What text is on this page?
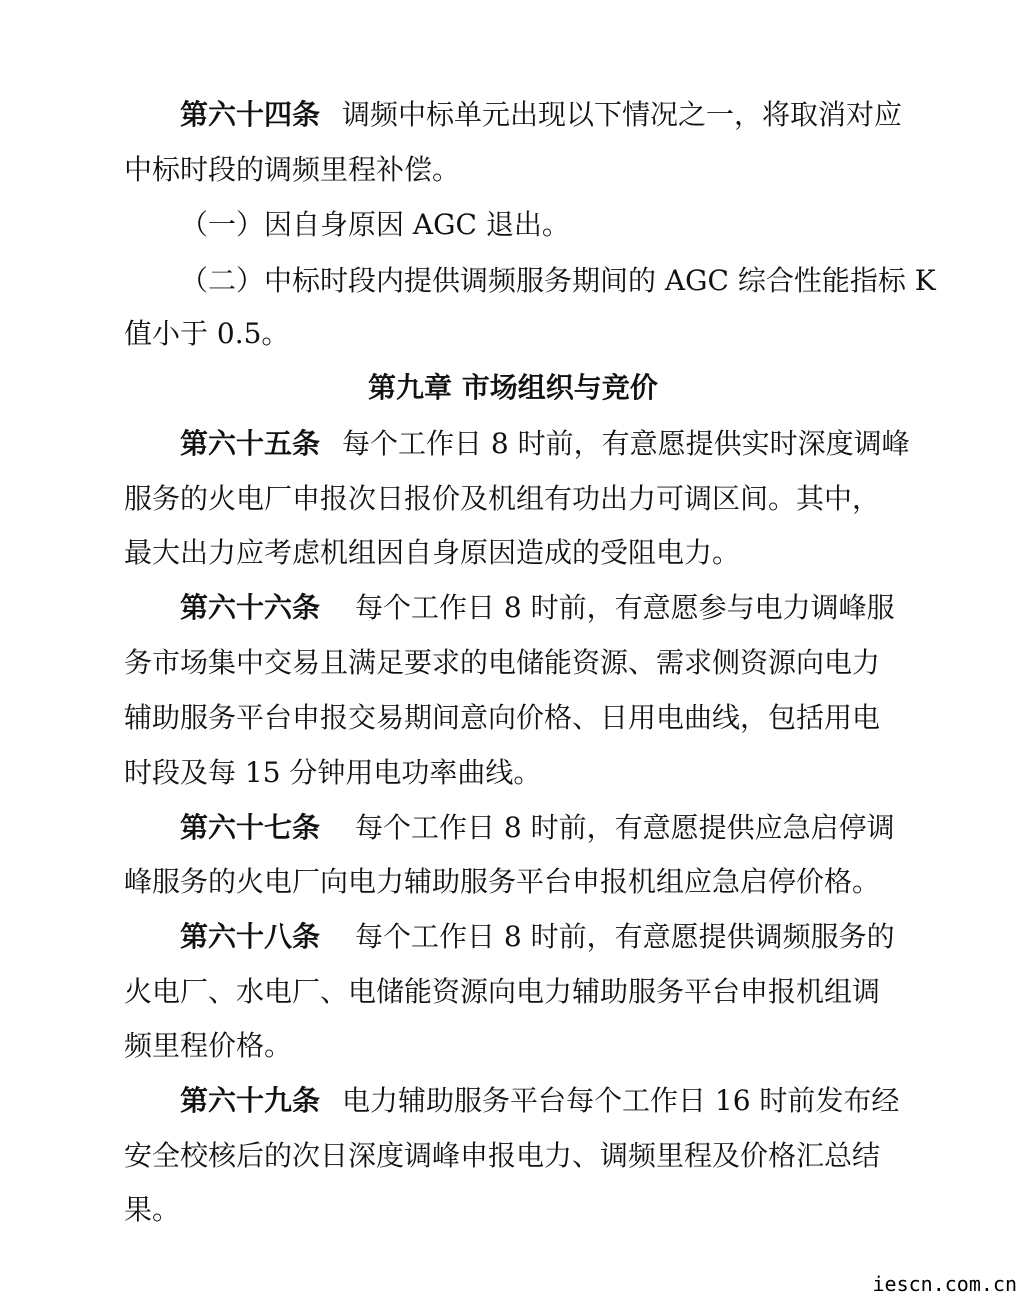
第六十四条 调频中标单元出现以下情况之一，将取消对应
中标时段的调频里程补偿。
（一）因自身原因 AGC 退出。
（二）中标时段内提供调频服务期间的 AGC 综合性能指标 K
值小于 0.5。
第九章 市场组织与竞价
第六十五条 每个工作日 8 时前，有意愿提供实时深度调峰
服务的火电厂申报次日报价及机组有功出力可调区间。其中，
最大出力应考虑机组因自身原因造成的受阻电力。
第六十六条 每个工作日 8 时前，有意愿参与电力调峰服
务市场集中交易且满足要求的电储能资源、需求侧资源向电力
辅助服务平台申报交易期间意向价格、日用电曲线，包括用电
时段及每 15 分钟用电功率曲线。
第六十七条 每个工作日 8 时前，有意愿提供应急启停调
峰服务的火电厂向电力辅助服务平台申报机组应急启停价格。
第六十八条 每个工作日 8 时前，有意愿提供调频服务的
火电厂、水电厂、电储能资源向电力辅助服务平台申报机组调
频里程价格。
第六十九条 电力辅助服务平台每个工作日 16 时前发布经
安全校核后的次日深度调峰申报电力、调频里程及价格汇总结
果。
iescn.com.cn
